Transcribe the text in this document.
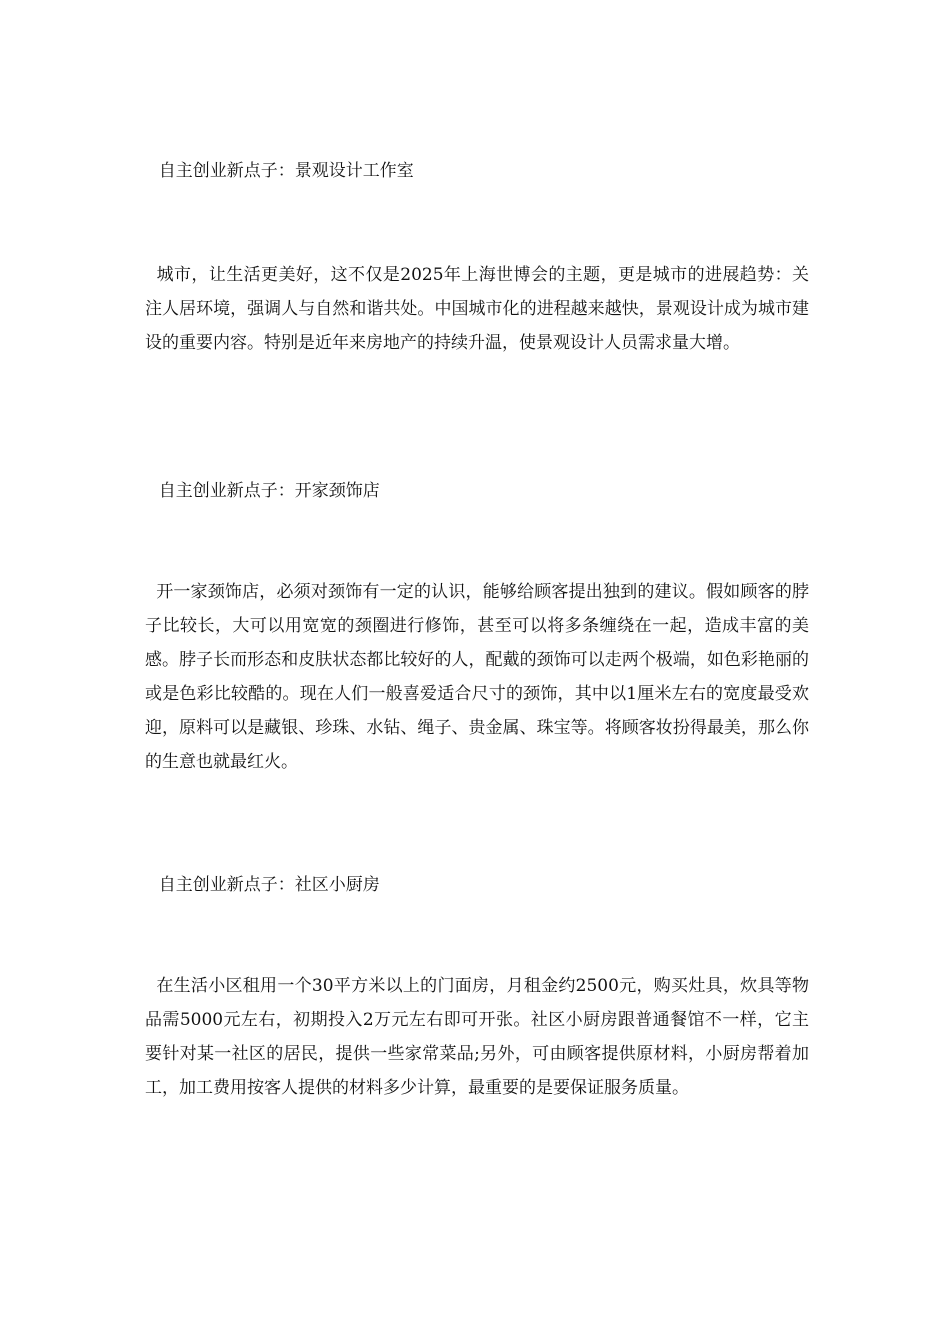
自主创业新点子：景观设计工作室

城市，让生活更美好，这不仅是2025年上海世博会的主题，更是城市的进展趋势：关注人居环境，强调人与自然和谐共处。中国城市化的进程越来越快，景观设计成为城市建设的重要内容。特别是近年来房地产的持续升温，使景观设计人员需求量大增。

自主创业新点子：开家颈饰店

开一家颈饰店，必须对颈饰有一定的认识，能够给顾客提出独到的建议。假如顾客的脖子比较长，大可以用宽宽的颈圈进行修饰，甚至可以将多条缠绕在一起，造成丰富的美感。脖子长而形态和皮肤状态都比较好的人，配戴的颈饰可以走两个极端，如色彩艳丽的或是色彩比较酷的。现在人们一般喜爱适合尺寸的颈饰，其中以1厘米左右的宽度最受欢迎，原料可以是藏银、珍珠、水钻、绳子、贵金属、珠宝等。将顾客妆扮得最美，那么你的生意也就最红火。

自主创业新点子：社区小厨房

在生活小区租用一个30平方米以上的门面房，月租金约2500元，购买灶具，炊具等物品需5000元左右，初期投入2万元左右即可开张。社区小厨房跟普通餐馆不一样，它主要针对某一社区的居民，提供一些家常菜品;另外，可由顾客提供原材料，小厨房帮着加工，加工费用按客人提供的材料多少计算，最重要的是要保证服务质量。
